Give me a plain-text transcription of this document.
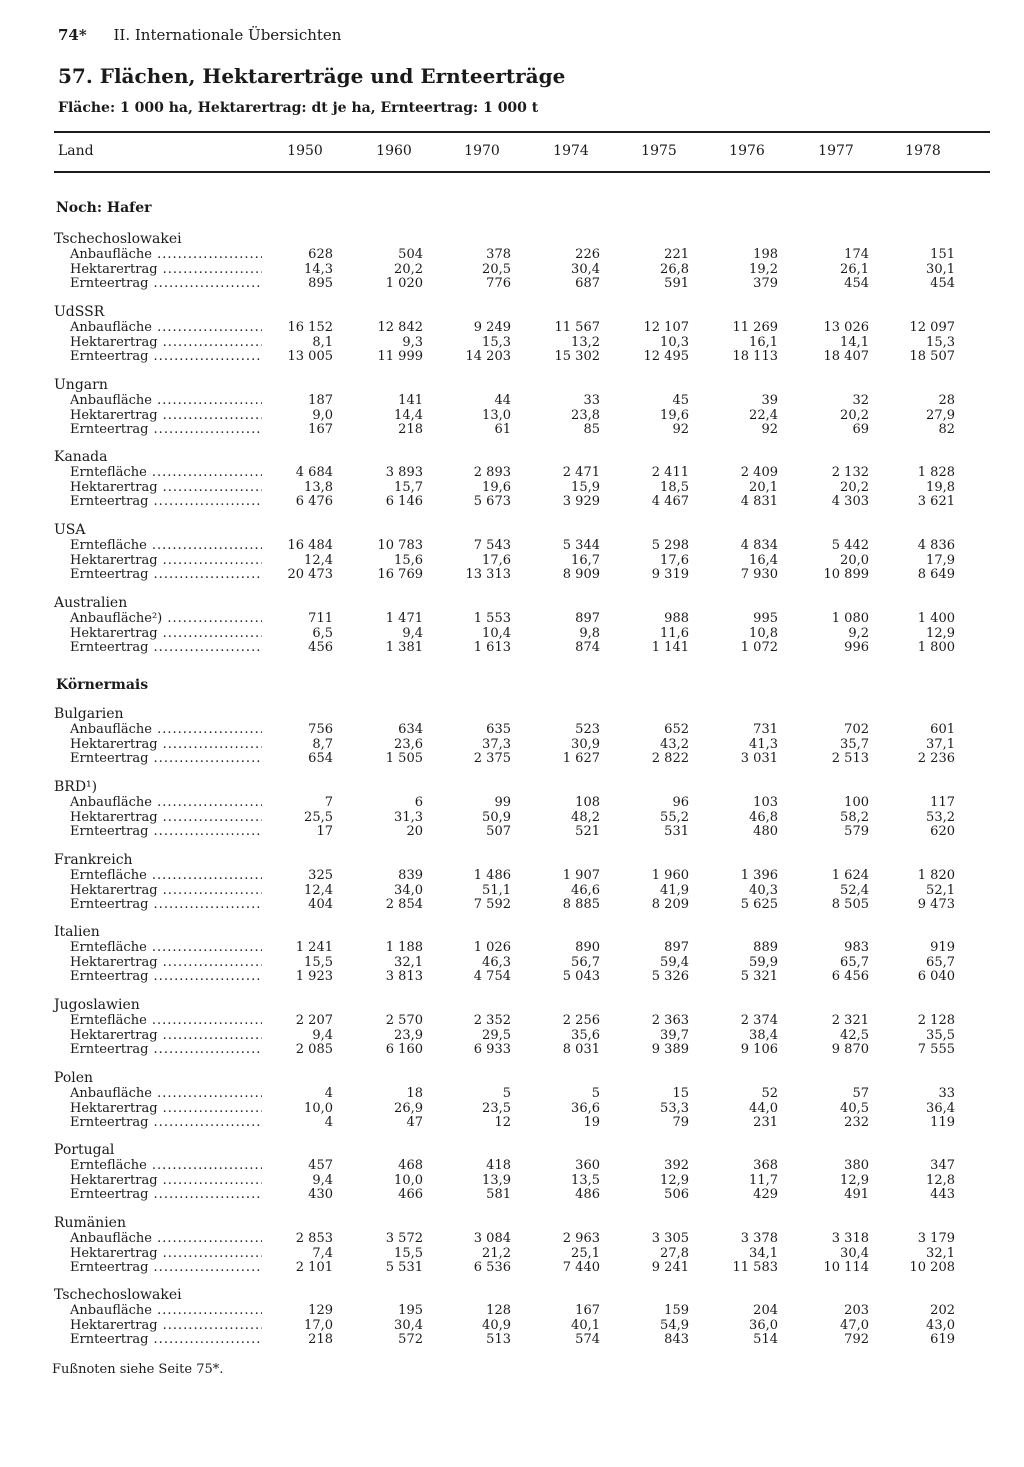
74* II. Internationale Übersichten
57. Flächen, Hektarerträge und Ernteerträge
Fläche: 1 000 ha, Hektarertrag: dt je ha, Ernteertrag: 1 000 t
Land	1950	1960	1970	1974	1975	1976	1977	1978
Noch: Hafer
Tschechoslowakei
Anbaufläche .....	628	504	378	226	221	198	174	151
Hektarertrag .....	14,3	20,2	20,5	30,4	26,8	19,2	26,1	30,1
Ernteertrag .....	895	1 020	776	687	591	379	454	454
UdSSR
Anbaufläche .....	16 152	12 842	9 249	11 567	12 107	11 269	13 026	12 097
Hektarertrag .....	8,1	9,3	15,3	13,2	10,3	16,1	14,1	15,3
Ernteertrag .....	13 005	11 999	14 203	15 302	12 495	18 113	18 407	18 507
Ungarn
Anbaufläche .....	187	141	44	33	45	39	32	28
Hektarertrag .....	9,0	14,4	13,0	23,8	19,6	22,4	20,2	27,9
Ernteertrag .....	167	218	61	85	92	92	69	82
Kanada
Erntefläche .....	4 684	3 893	2 893	2 471	2 411	2 409	2 132	1 828
Hektarertrag .....	13,8	15,7	19,6	15,9	18,5	20,1	20,2	19,8
Ernteertrag .....	6 476	6 146	5 673	3 929	4 467	4 831	4 303	3 621
USA
Erntefläche .....	16 484	10 783	7 543	5 344	5 298	4 834	5 442	4 836
Hektarertrag .....	12,4	15,6	17,6	16,7	17,6	16,4	20,0	17,9
Ernteertrag .....	20 473	16 769	13 313	8 909	9 319	7 930	10 899	8 649
Australien
Anbaufläche²) .....	711	1 471	1 553	897	988	995	1 080	1 400
Hektarertrag .....	6,5	9,4	10,4	9,8	11,6	10,8	9,2	12,9
Ernteertrag .....	456	1 381	1 613	874	1 141	1 072	996	1 800
Körnermais
Bulgarien
Anbaufläche .....	756	634	635	523	652	731	702	601
Hektarertrag .....	8,7	23,6	37,3	30,9	43,2	41,3	35,7	37,1
Ernteertrag .....	654	1 505	2 375	1 627	2 822	3 031	2 513	2 236
BRD¹)
Anbaufläche .....	7	6	99	108	96	103	100	117
Hektarertrag .....	25,5	31,3	50,9	48,2	55,2	46,8	58,2	53,2
Ernteertrag .....	17	20	507	521	531	480	579	620
Frankreich
Erntefläche .....	325	839	1 486	1 907	1 960	1 396	1 624	1 820
Hektarertrag .....	12,4	34,0	51,1	46,6	41,9	40,3	52,4	52,1
Ernteertrag .....	404	2 854	7 592	8 885	8 209	5 625	8 505	9 473
Italien
Erntefläche .....	1 241	1 188	1 026	890	897	889	983	919
Hektarertrag .....	15,5	32,1	46,3	56,7	59,4	59,9	65,7	65,7
Ernteertrag .....	1 923	3 813	4 754	5 043	5 326	5 321	6 456	6 040
Jugoslawien
Erntefläche .....	2 207	2 570	2 352	2 256	2 363	2 374	2 321	2 128
Hektarertrag .....	9,4	23,9	29,5	35,6	39,7	38,4	42,5	35,5
Ernteertrag .....	2 085	6 160	6 933	8 031	9 389	9 106	9 870	7 555
Polen
Anbaufläche .....	4	18	5	5	15	52	57	33
Hektarertrag .....	10,0	26,9	23,5	36,6	53,3	44,0	40,5	36,4
Ernteertrag .....	4	47	12	19	79	231	232	119
Portugal
Erntefläche .....	457	468	418	360	392	368	380	347
Hektarertrag .....	9,4	10,0	13,9	13,5	12,9	11,7	12,9	12,8
Ernteertrag .....	430	466	581	486	506	429	491	443
Rumänien
Anbaufläche .....	2 853	3 572	3 084	2 963	3 305	3 378	3 318	3 179
Hektarertrag .....	7,4	15,5	21,2	25,1	27,8	34,1	30,4	32,1
Ernteertrag .....	2 101	5 531	6 536	7 440	9 241	11 583	10 114	10 208
Tschechoslowakei
Anbaufläche .....	129	195	128	167	159	204	203	202
Hektarertrag .....	17,0	30,4	40,9	40,1	54,9	36,0	47,0	43,0
Ernteertrag .....	218	572	513	574	843	514	792	619
Fußnoten siehe Seite 75*.
